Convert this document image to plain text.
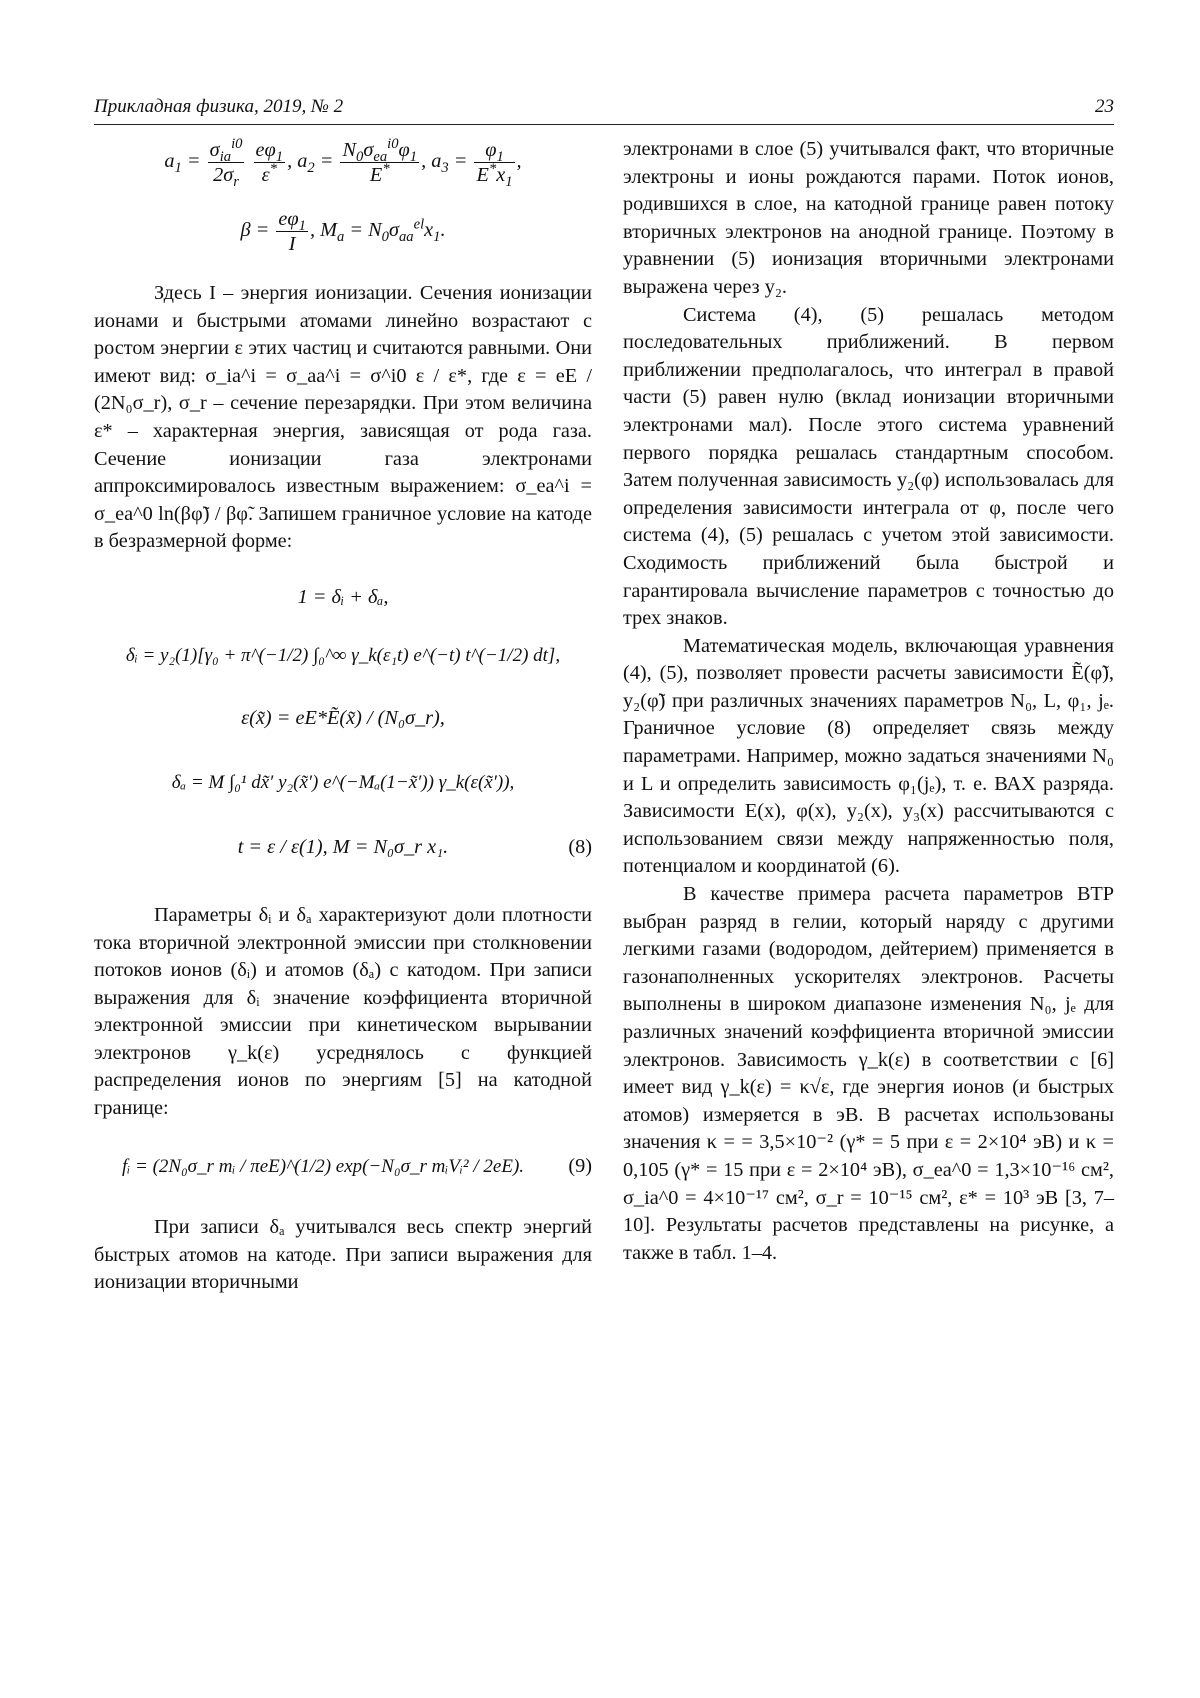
Прикладная физика, 2019, № 2	23
a1 =
σiai0
2σr

eφ1
ε* , a2 =
N0σeai0φ1
E*	, a3 =
φ1
E*x1
,
β =
eφ1
I
, Ma = N0σaaelx1.

Здесь I – энергия ионизации. Сечения ионизации ионами и быстрыми атомами линейно возрастают с ростом энергии ε этих частиц и считаются равными. Они имеют вид: σ_ia^i = σ_aa^i = σ^i0 ε / ε*, где ε = eE / (2N₀σ_r), σ_r – сечение перезарядки. При этом величина ε* – характерная энергия, зависящая от рода газа. Сечение ионизации газа электронами аппроксимировалось известным выражением: σ_ea^i = σ_ea^0 ln(βφ̃) / βφ̃. Запишем граничное условие на катоде в безразмерной форме:

1 = δᵢ + δₐ,
δᵢ = y₂(1)[γ₀ + π^(−1/2) ∫₀^∞ γ_k(ε₁t) e^(−t) t^(−1/2) dt],
ε(x̃) = eE*Ẽ(x̃) / (N₀σ_r),
δₐ = M ∫₀¹ dx̃′ y₂(x̃′) e^(−Mₐ(1−x̃′)) γ_k(ε(x̃′)),
t = ε / ε(1), M = N₀σ_r x₁.	(8)

Параметры δᵢ и δₐ характеризуют доли плотности тока вторичной электронной эмиссии при столкновении потоков ионов (δᵢ) и атомов (δₐ) с катодом. При записи выражения для δᵢ значение коэффициента вторичной электронной эмиссии при кинетическом вырывании электронов γ_k(ε) усреднялось с функцией распределения ионов по энергиям [5] на катодной границе:

fᵢ = (2N₀σ_r mᵢ / πeE)^(1/2) exp(−N₀σ_r mᵢVᵢ² / 2eE).	(9)

При записи δₐ учитывался весь спектр энергий быстрых атомов на катоде. При записи выражения для ионизации вторичными

электронами в слое (5) учитывался факт, что вторичные электроны и ионы рождаются парами. Поток ионов, родившихся в слое, на катодной границе равен потоку вторичных электронов на анодной границе. Поэтому в уравнении (5) ионизация вторичными электронами выражена через y₂.

Система (4), (5) решалась методом последовательных приближений. В первом приближении предполагалось, что интеграл в правой части (5) равен нулю (вклад ионизации вторичными электронами мал). После этого система уравнений первого порядка решалась стандартным способом. Затем полученная зависимость y₂(φ) использовалась для определения зависимости интеграла от φ, после чего система (4), (5) решалась с учетом этой зависимости. Сходимость приближений была быстрой и гарантировала вычисление параметров с точностью до трех знаков.

Математическая модель, включающая уравнения (4), (5), позволяет провести расчеты зависимости Ẽ(φ̃), y₂(φ̃) при различных значениях параметров N₀, L, φ₁, jₑ. Граничное условие (8) определяет связь между параметрами. Например, можно задаться значениями N₀ и L и определить зависимость φ₁(jₑ), т. е. ВАХ разряда. Зависимости E(x), φ(x), y₂(x), y₃(x) рассчитываются с использованием связи между напряженностью поля, потенциалом и координатой (6).

В качестве примера расчета параметров ВТР выбран разряд в гелии, который наряду с другими легкими газами (водородом, дейтерием) применяется в газонаполненных ускорителях электронов. Расчеты выполнены в широком диапазоне изменения N₀, jₑ для различных значений коэффициента вторичной эмиссии электронов. Зависимость γ_k(ε) в соответствии с [6] имеет вид γ_k(ε) = κ√ε, где энергия ионов (и быстрых атомов) измеряется в эВ. В расчетах использованы значения κ = = 3,5×10⁻² (γ* = 5 при ε = 2×10⁴ эВ) и κ = 0,105 (γ* = 15 при ε = 2×10⁴ эВ), σ_ea^0 = 1,3×10⁻¹⁶ см², σ_ia^0 = 4×10⁻¹⁷ см², σ_r = 10⁻¹⁵ см², ε* = 10³ эВ [3, 7–10]. Результаты расчетов представлены на рисунке, а также в табл. 1–4.
